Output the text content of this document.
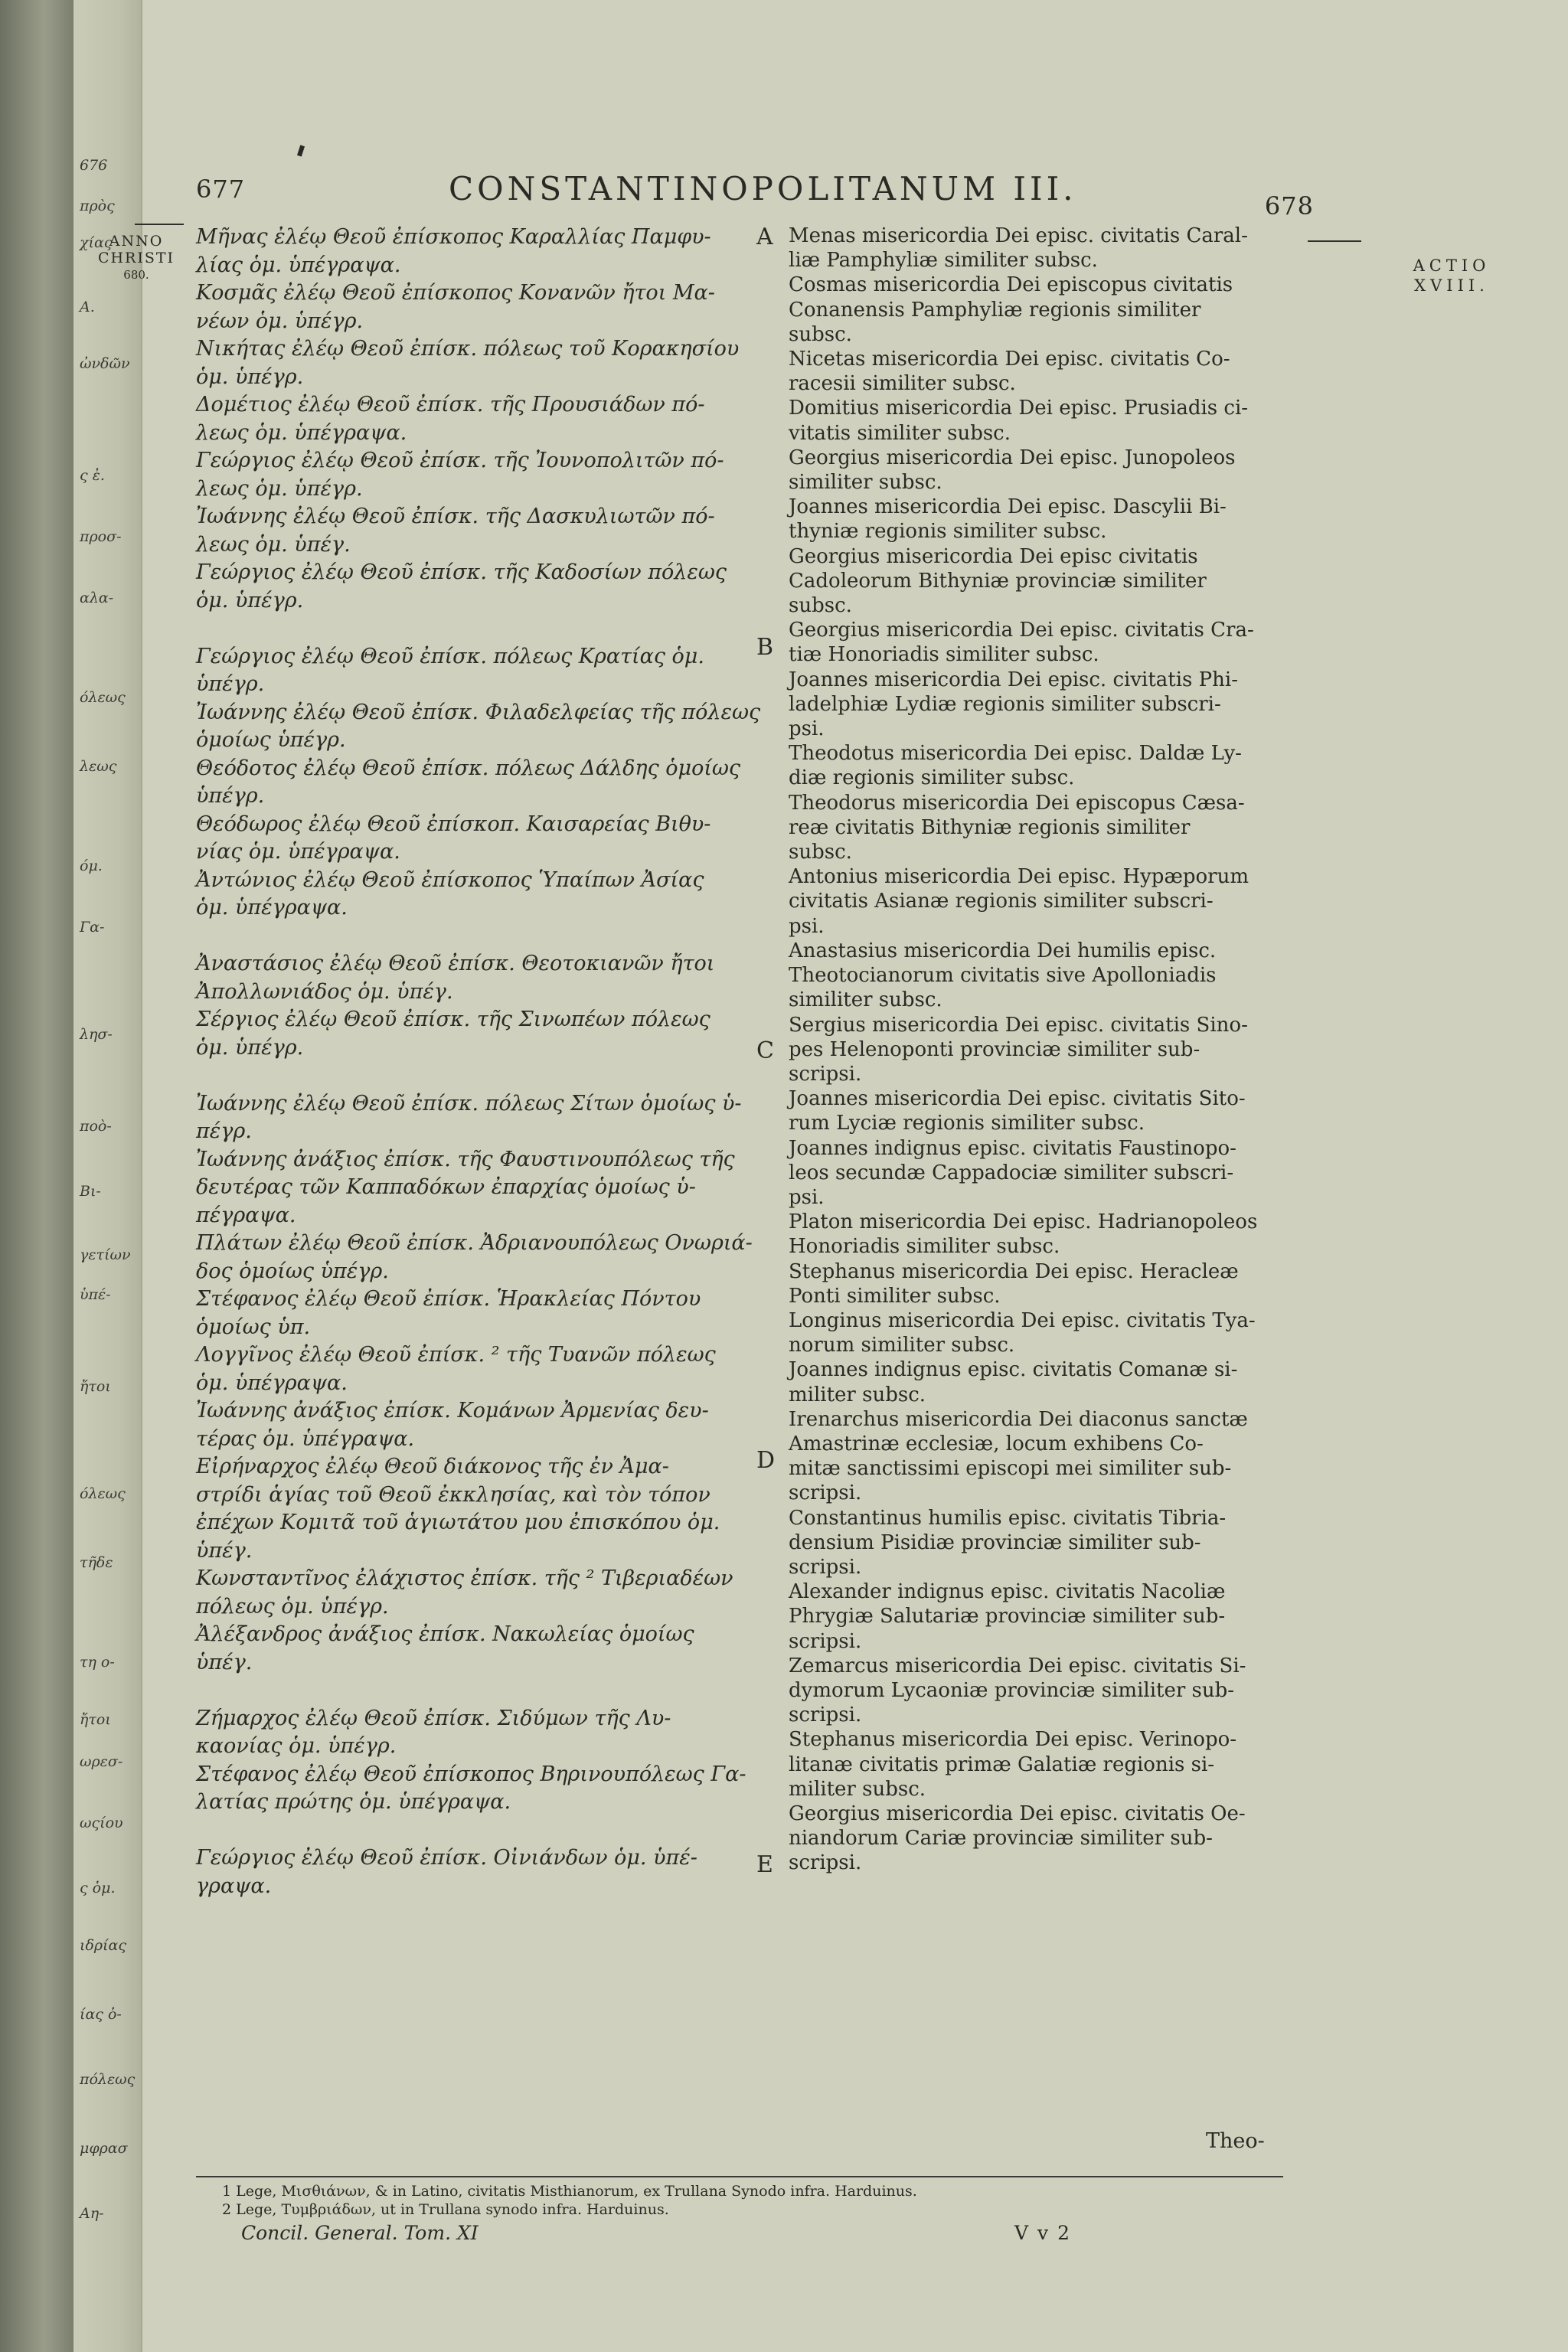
676
πρὸς
χίας
A.
ὠνδῶν
ς ἐ.
προσ-
αλα-
όλεως
λεως
όμ.
Γα-
λησ-
ποὸ-
Βι-
γετίων
ὑπέ-
ἤτοι
όλεως
τῆδε
τη ο-
ἤτοι
ωρεσ-
ωςίου
ς ὁμ.
ιδρίας
ίας ὁ-
πόλεως
μφρασ
Αη-
677	CONSTANTINOPOLITANUM III.	678
ANNO
CHRISTI
680.	ACTIO
XVIII.
A
B
C
D
E

Μῆνας ἐλέῳ Θεοῦ ἐπίσκοπος Καραλλίας Παμφυ-
λίας ὁμ. ὑπέγραψα.

Κοσμᾶς ἐλέῳ Θεοῦ ἐπίσκοπος Κονανῶν ἤτοι Μα-
νέων ὁμ. ὑπέγρ.

Νικήτας ἐλέῳ Θεοῦ ἐπίσκ. πόλεως τοῦ Κορακησίου
ὁμ. ὑπέγρ.

Δομέτιος ἐλέῳ Θεοῦ ἐπίσκ. τῆς Προυσιάδων πό-
λεως ὁμ. ὑπέγραψα.

Γεώργιος ἐλέῳ Θεοῦ ἐπίσκ. τῆς Ἰουνοπολιτῶν πό-
λεως ὁμ. ὑπέγρ.

Ἰωάννης ἐλέῳ Θεοῦ ἐπίσκ. τῆς Δασκυλιωτῶν πό-
λεως ὁμ. ὑπέγ.

Γεώργιος ἐλέῳ Θεοῦ ἐπίσκ. τῆς Καδοσίων πόλεως
ὁμ. ὑπέγρ.

Γεώργιος ἐλέῳ Θεοῦ ἐπίσκ. πόλεως Κρατίας ὁμ.
ὑπέγρ.

Ἰωάννης ἐλέῳ Θεοῦ ἐπίσκ. Φιλαδελφείας τῆς πόλεως
ὁμοίως ὑπέγρ.

Θεόδοτος ἐλέῳ Θεοῦ ἐπίσκ. πόλεως Δάλδης ὁμοίως
ὑπέγρ.

Θεόδωρος ἐλέῳ Θεοῦ ἐπίσκοπ. Καισαρείας Βιθυ-
νίας ὁμ. ὑπέγραψα.

Ἀντώνιος ἐλέῳ Θεοῦ ἐπίσκοπος Ὑπαίπων Ἀσίας
ὁμ. ὑπέγραψα.

Ἀναστάσιος ἐλέῳ Θεοῦ ἐπίσκ. Θεοτοκιανῶν ἤτοι
Ἀπολλωνιάδος ὁμ. ὑπέγ.

Σέργιος ἐλέῳ Θεοῦ ἐπίσκ. τῆς Σινωπέων πόλεως
ὁμ. ὑπέγρ.

Ἰωάννης ἐλέῳ Θεοῦ ἐπίσκ. πόλεως Σίτων ὁμοίως ὑ-
πέγρ.

Ἰωάννης ἀνάξιος ἐπίσκ. τῆς Φαυστινουπόλεως τῆς
δευτέρας τῶν Καππαδόκων ἐπαρχίας ὁμοίως ὑ-
πέγραψα.

Πλάτων ἐλέῳ Θεοῦ ἐπίσκ. Ἀδριανουπόλεως Ονωριά-
δος ὁμοίως ὑπέγρ.

Στέφανος ἐλέῳ Θεοῦ ἐπίσκ. Ἡρακλείας Πόντου
ὁμοίως ὑπ.

Λογγῖνος ἐλέῳ Θεοῦ ἐπίσκ. ² τῆς Τυανῶν πόλεως
ὁμ. ὑπέγραψα.

Ἰωάννης ἀνάξιος ἐπίσκ. Κομάνων Ἀρμενίας δευ-
τέρας ὁμ. ὑπέγραψα.

Εἰρήναρχος ἐλέῳ Θεοῦ διάκονος τῆς ἐν Ἀμα-
στρίδι ἁγίας τοῦ Θεοῦ ἐκκλησίας, καὶ τὸν τόπον
ἐπέχων Κομιτᾶ τοῦ ἁγιωτάτου μου ἐπισκόπου ὁμ.
ὑπέγ.

Κωνσταντῖνος ἐλάχιστος ἐπίσκ. τῆς ² Τιβεριαδέων
πόλεως ὁμ. ὑπέγρ.

Ἀλέξανδρος ἀνάξιος ἐπίσκ. Νακωλείας ὁμοίως
ὑπέγ.

Ζήμαρχος ἐλέῳ Θεοῦ ἐπίσκ. Σιδύμων τῆς Λυ-
καονίας ὁμ. ὑπέγρ.

Στέφανος ἐλέῳ Θεοῦ ἐπίσκοπος Βηρινουπόλεως Γα-
λατίας πρώτης ὁμ. ὑπέγραψα.

Γεώργιος ἐλέῳ Θεοῦ ἐπίσκ. Οἰνιάνδων ὁμ. ὑπέ-
γραψα.

Menas misericordia Dei episc. civitatis Caral-
liæ Pamphyliæ similiter subsc.

Cosmas misericordia Dei episcopus civitatis
Conanensis Pamphyliæ regionis similiter
subsc.

Nicetas misericordia Dei episc. civitatis Co-
racesii similiter subsc.

Domitius misericordia Dei episc. Prusiadis ci-
vitatis similiter subsc.

Georgius misericordia Dei episc. Junopoleos
similiter subsc.

Joannes misericordia Dei episc. Dascylii Bi-
thyniæ regionis similiter subsc.

Georgius misericordia Dei episc civitatis
Cadoleorum Bithyniæ provinciæ similiter
subsc.

Georgius misericordia Dei episc. civitatis Cra-
tiæ Honoriadis similiter subsc.

Joannes misericordia Dei episc. civitatis Phi-
ladelphiæ Lydiæ regionis similiter subscri-
psi.

Theodotus misericordia Dei episc. Daldæ Ly-
diæ regionis similiter subsc.

Theodorus misericordia Dei episcopus Cæsa-
reæ civitatis Bithyniæ regionis similiter
subsc.

Antonius misericordia Dei episc. Hypæporum
civitatis Asianæ regionis similiter subscri-
psi.

Anastasius misericordia Dei humilis episc.
Theotocianorum civitatis sive Apolloniadis
similiter subsc.

Sergius misericordia Dei episc. civitatis Sino-
pes Helenoponti provinciæ similiter sub-
scripsi.

Joannes misericordia Dei episc. civitatis Sito-
rum Lyciæ regionis similiter subsc.

Joannes indignus episc. civitatis Faustinopo-
leos secundæ Cappadociæ similiter subscri-
psi.

Platon misericordia Dei episc. Hadrianopoleos
Honoriadis similiter subsc.

Stephanus misericordia Dei episc. Heracleæ
Ponti similiter subsc.

Longinus misericordia Dei episc. civitatis Tya-
norum similiter subsc.

Joannes indignus episc. civitatis Comanæ si-
militer subsc.

Irenarchus misericordia Dei diaconus sanctæ
Amastrinæ ecclesiæ, locum exhibens Co-
mitæ sanctissimi episcopi mei similiter sub-
scripsi.

Constantinus humilis episc. civitatis Tibria-
densium Pisidiæ provinciæ similiter sub-
scripsi.

Alexander indignus episc. civitatis Nacoliæ
Phrygiæ Salutariæ provinciæ similiter sub-
scripsi.

Zemarcus misericordia Dei episc. civitatis Si-
dymorum Lycaoniæ provinciæ similiter sub-
scripsi.

Stephanus misericordia Dei episc. Verinopo-
litanæ civitatis primæ Galatiæ regionis si-
militer subsc.

Georgius misericordia Dei episc. civitatis Oe-
niandorum Cariæ provinciæ similiter sub-
scripsi.

Theo-
1 Lege, Μισθιάνων, & in Latino, civitatis Misthianorum, ex Trullana Synodo infra. Harduinus.
2 Lege, Τυμβριάδων, ut in Trullana synodo infra. Harduinus.
Concil. General. Tom. XI	V v 2
